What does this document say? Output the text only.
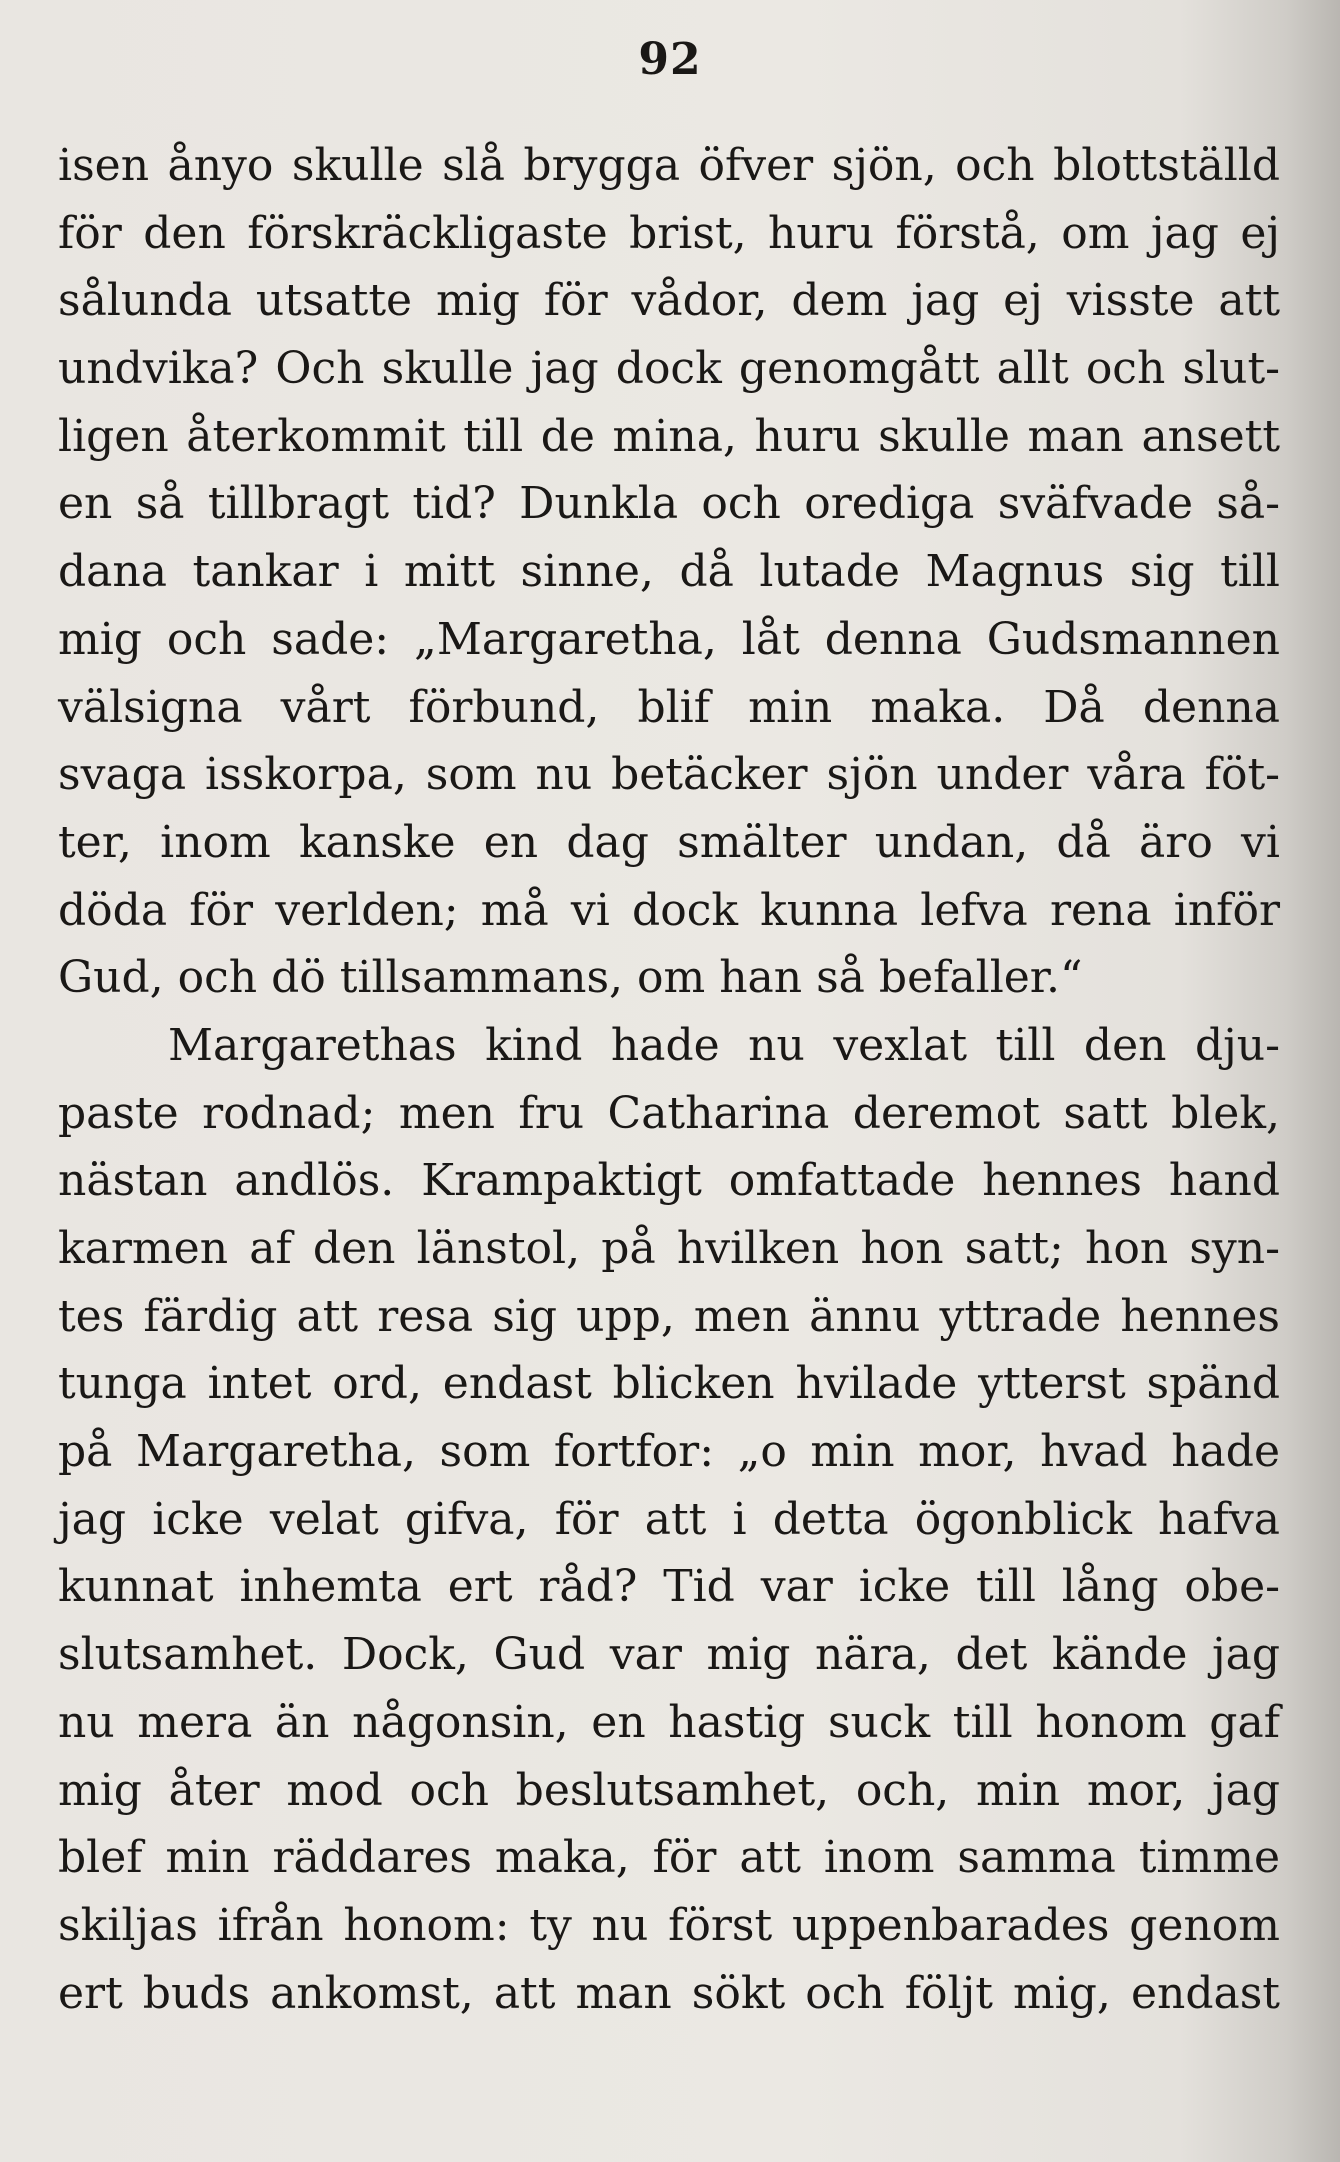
92
isen ånyo skulle slå brygga öfver sjön, och blottställd
för den förskräckligaste brist, huru förstå, om jag ej
sålunda utsatte mig för vådor, dem jag ej visste att
undvika? Och skulle jag dock genomgått allt och slut-
ligen återkommit till de mina, huru skulle man ansett
en så tillbragt tid? Dunkla och orediga sväfvade så-
dana tankar i mitt sinne, då lutade Magnus sig till
mig och sade: „Margaretha, låt denna Gudsmannen
välsigna vårt förbund, blif min maka. Då denna
svaga isskorpa, som nu betäcker sjön under våra föt-
ter, inom kanske en dag smälter undan, då äro vi
döda för verlden; må vi dock kunna lefva rena inför
Gud, och dö tillsammans, om han så befaller.“
Margarethas kind hade nu vexlat till den dju-
paste rodnad; men fru Catharina deremot satt blek,
nästan andlös. Krampaktigt omfattade hennes hand
karmen af den länstol, på hvilken hon satt; hon syn-
tes färdig att resa sig upp, men ännu yttrade hennes
tunga intet ord, endast blicken hvilade ytterst spänd
på Margaretha, som fortfor: „o min mor, hvad hade
jag icke velat gifva, för att i detta ögonblick hafva
kunnat inhemta ert råd? Tid var icke till lång obe-
slutsamhet. Dock, Gud var mig nära, det kände jag
nu mera än någonsin, en hastig suck till honom gaf
mig åter mod och beslutsamhet, och, min mor, jag
blef min räddares maka, för att inom samma timme
skiljas ifrån honom: ty nu först uppenbarades genom
ert buds ankomst, att man sökt och följt mig, endast
